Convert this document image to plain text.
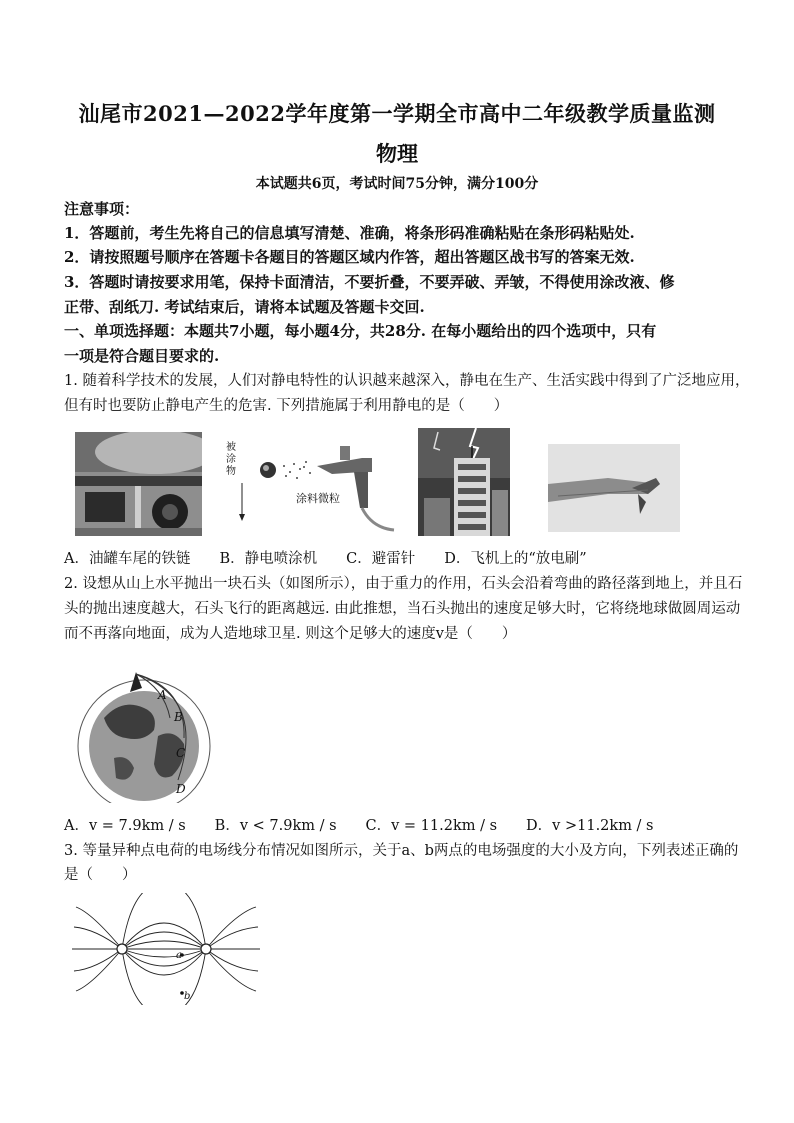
汕尾市2021—2022学年度第一学期全市高中二年级教学质量监测
物理
本试题共6页，考试时间75分钟，满分100分
注意事项：
1．答题前，考生先将自己的信息填写清楚、准确，将条形码准确粘贴在条形码粘贴处.
2．请按照题号顺序在答题卡各题目的答题区域内作答，超出答题区战书写的答案无效.
3．答题时请按要求用笔，保持卡面清洁，不要折叠，不要弄破、弄皱，不得使用涂改液、修
正带、刮纸刀. 考试结束后，请将本试题及答题卡交回.
一、单项选择题：本题共7小题，每小题4分，共28分. 在每小题给出的四个选项中，只有
一项是符合题目要求的.
1. 随着科学技术的发展，人们对静电特性的认识越来越深入，静电在生产、生活实践中得到了广泛地应用，
但有时也要防止静电产生的危害. 下列措施属于利用静电的是（　　）
被涂物
涂料微粒
A．油罐车尾的铁链　　B．静电喷涂机　　C．避雷针　　D．飞机上的“放电刷”
2. 设想从山上水平抛出一块石头（如图所示），由于重力的作用，石头会沿着弯曲的路径落到地上，并且石
头的抛出速度越大，石头飞行的距离越远. 由此推想，当石头抛出的速度足够大时，它将绕地球做圆周运动
而不再落向地面，成为人造地球卫星. 则这个足够大的速度v是（　　）
A
B
C
D
A．v = 7.9km / s　　B．v < 7.9km / s　　C．v = 11.2km / s　　D．v >11.2km / s
3. 等量异种点电荷的电场线分布情况如图所示，关于a、b两点的电场强度的大小及方向，下列表述正确的
是（　　）
a
b
